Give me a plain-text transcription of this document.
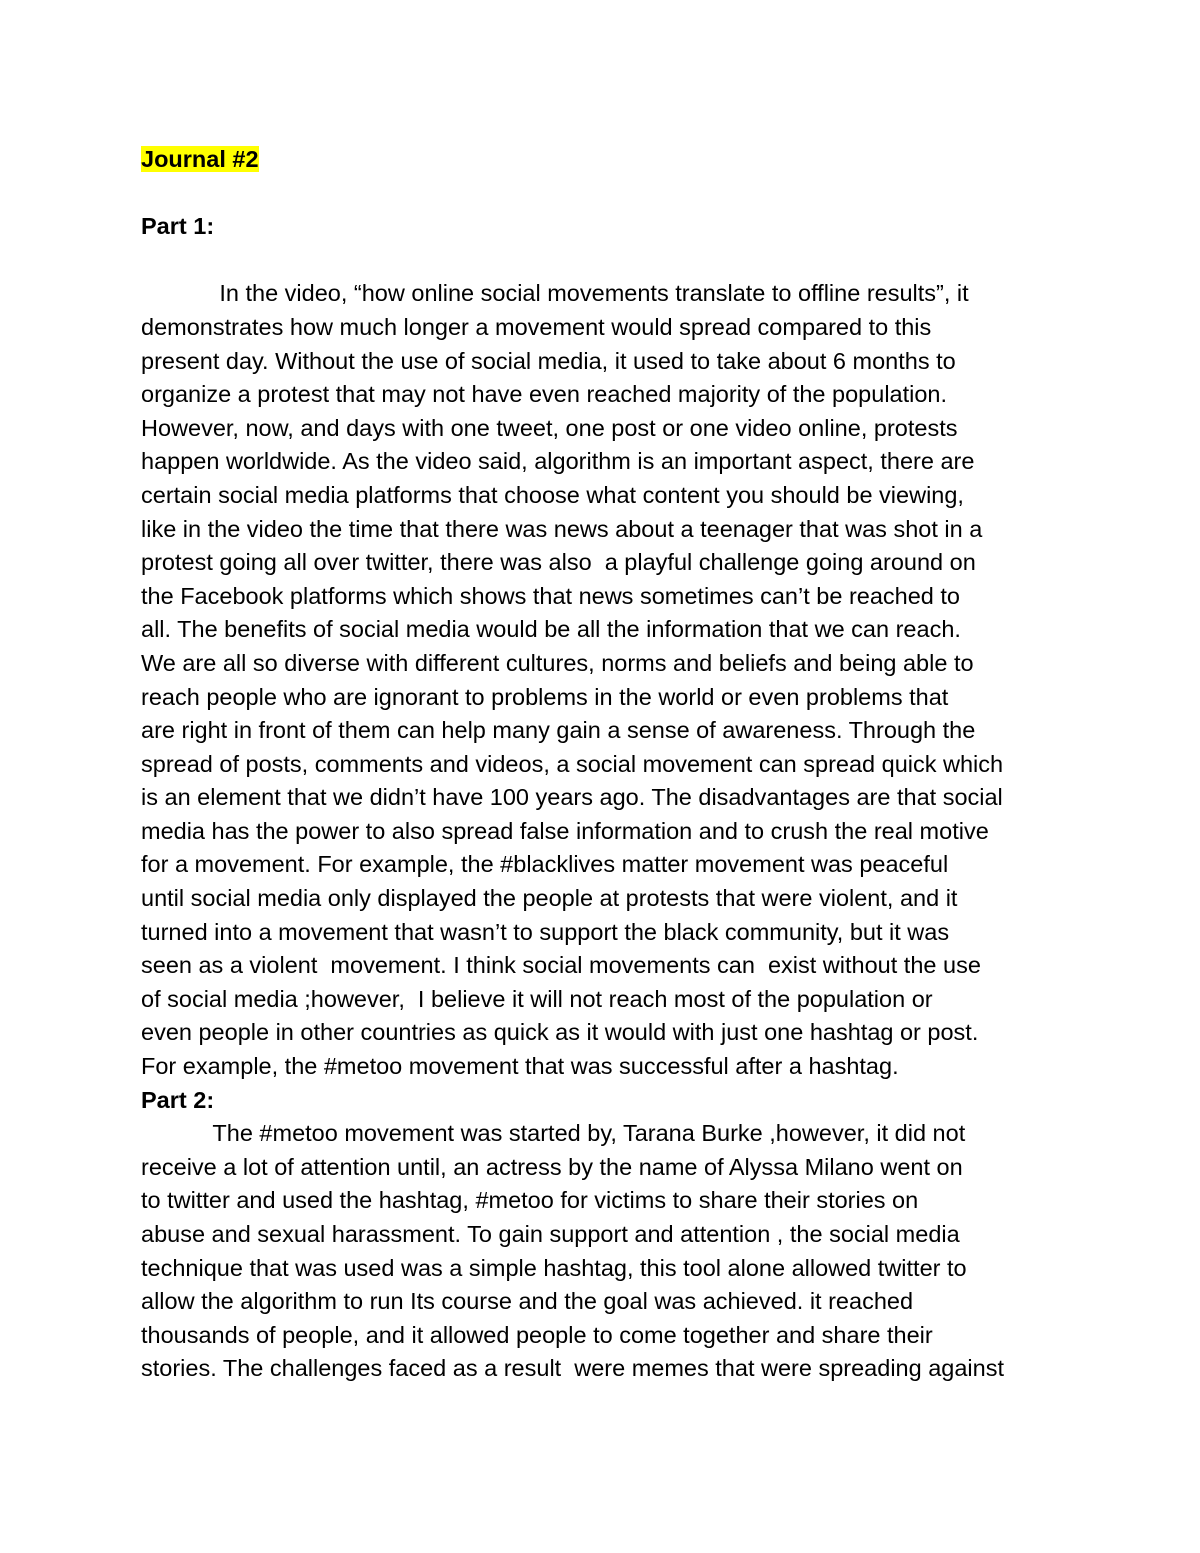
Journal #2
Part 1:
In the video, “how online social movements translate to offline results”, it
demonstrates how much longer a movement would spread compared to this
present day. Without the use of social media, it used to take about 6 months to
organize a protest that may not have even reached majority of the population.
However, now, and days with one tweet, one post or one video online, protests
happen worldwide. As the video said, algorithm is an important aspect, there are
certain social media platforms that choose what content you should be viewing,
like in the video the time that there was news about a teenager that was shot in a
protest going all over twitter, there was also  a playful challenge going around on
the Facebook platforms which shows that news sometimes can’t be reached to
all. The benefits of social media would be all the information that we can reach.
We are all so diverse with different cultures, norms and beliefs and being able to
reach people who are ignorant to problems in the world or even problems that
are right in front of them can help many gain a sense of awareness. Through the
spread of posts, comments and videos, a social movement can spread quick which
is an element that we didn’t have 100 years ago. The disadvantages are that social
media has the power to also spread false information and to crush the real motive
for a movement. For example, the #blacklives matter movement was peaceful
until social media only displayed the people at protests that were violent, and it
turned into a movement that wasn’t to support the black community, but it was
seen as a violent  movement. I think social movements can  exist without the use
of social media ;however,  I believe it will not reach most of the population or
even people in other countries as quick as it would with just one hashtag or post.
For example, the #metoo movement that was successful after a hashtag.
Part 2:
The #metoo movement was started by, Tarana Burke ,however, it did not
receive a lot of attention until, an actress by the name of Alyssa Milano went on
to twitter and used the hashtag, #metoo for victims to share their stories on
abuse and sexual harassment. To gain support and attention , the social media
technique that was used was a simple hashtag, this tool alone allowed twitter to
allow the algorithm to run Its course and the goal was achieved. it reached
thousands of people, and it allowed people to come together and share their
stories. The challenges faced as a result  were memes that were spreading against
